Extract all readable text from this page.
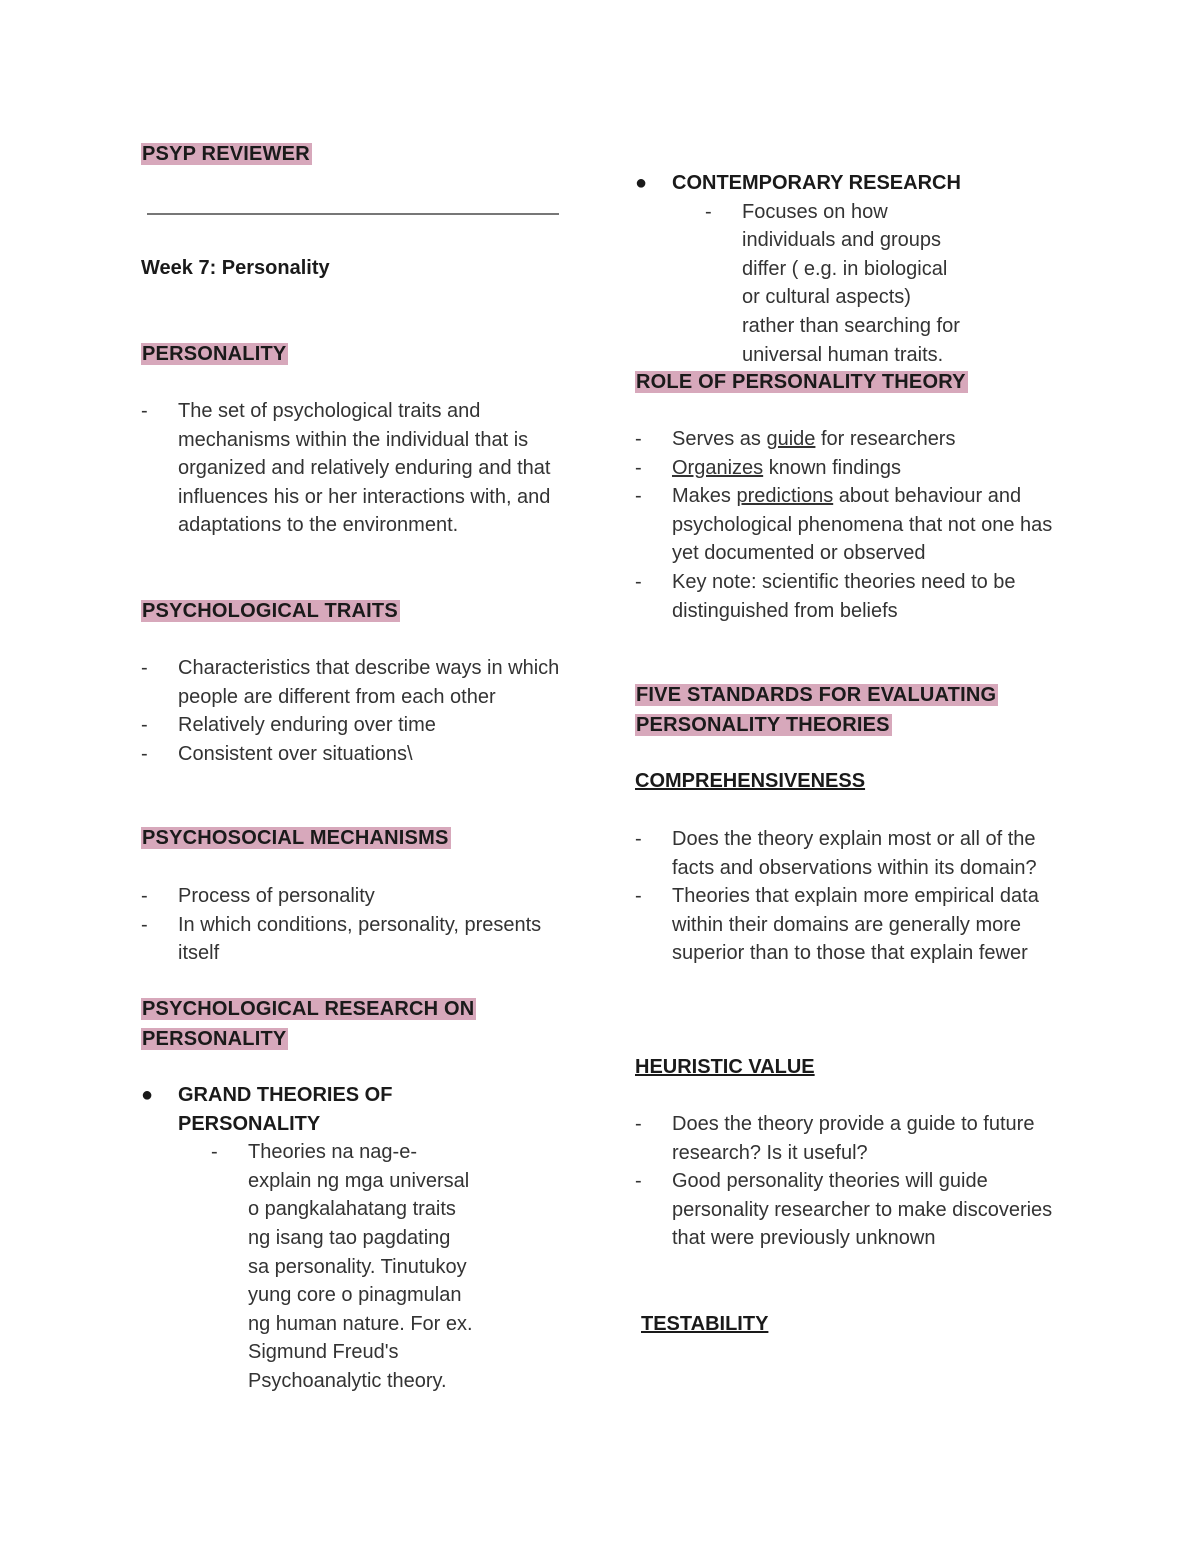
PSYP REVIEWER
Week 7: Personality
PERSONALITY
-	The set of psychological traits and mechanisms within the individual that is organized and relatively enduring and that influences his or her interactions with, and adaptations to the environment.
PSYCHOLOGICAL TRAITS
-	Characteristics that describe ways in which people are different from each other
-	Relatively enduring over time
-	Consistent over situations\
PSYCHOSOCIAL MECHANISMS
-	Process of personality
-	In which conditions, personality, presents itself
PSYCHOLOGICAL RESEARCH ON
PERSONALITY
●	GRAND THEORIES OF
PERSONALITY
-	Theories na nag-e-explain ng mga universal o pangkalahatang traits ng isang tao pagdating sa personality. Tinutukoy yung core o pinagmulan ng human nature. For ex. Sigmund Freud's Psychoanalytic theory.
●	CONTEMPORARY RESEARCH
-	Focuses on how individuals and groups differ ( e.g. in biological or cultural aspects) rather than searching for universal human traits.
ROLE OF PERSONALITY THEORY
-	Serves as guide for researchers
-	Organizes known findings
-	Makes predictions about behaviour and psychological phenomena that not one has yet documented or observed
-	Key note: scientific theories need to be distinguished from beliefs
FIVE STANDARDS FOR EVALUATING
PERSONALITY THEORIES
COMPREHENSIVENESS
-	Does the theory explain most or all of the facts and observations within its domain?
-	Theories that explain more empirical data within their domains are generally more superior than to those that explain fewer
HEURISTIC VALUE
-	Does the theory provide a guide to future research? Is it useful?
-	Good personality theories will guide personality researcher to make discoveries that were previously unknown
TESTABILITY
